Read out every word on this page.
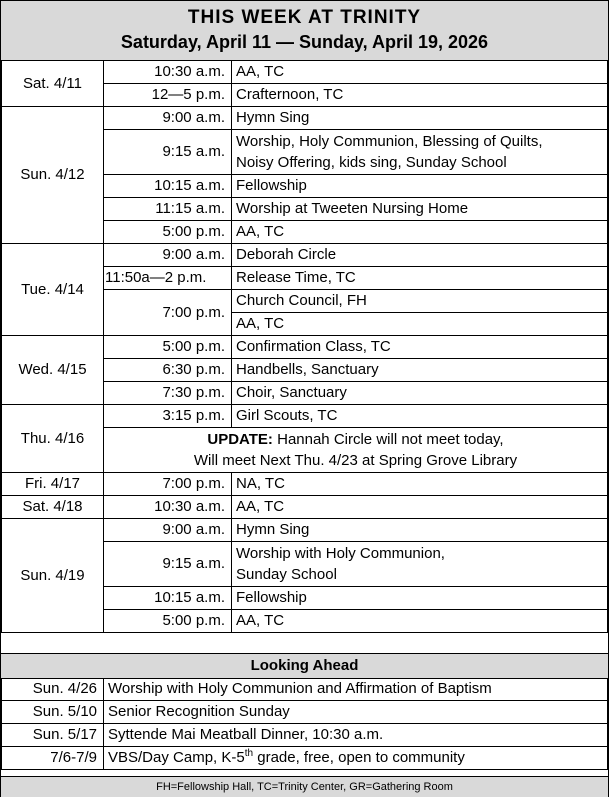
THIS WEEK AT TRINITY
Saturday, April 11 — Sunday, April 19, 2026
Sat. 4/11	10:30 a.m.	AA, TC
	12—5 p.m.	Crafternoon, TC
Sun. 4/12	9:00 a.m.	Hymn Sing
	9:15 a.m.	Worship, Holy Communion, Blessing of Quilts,
Noisy Offering, kids sing, Sunday School
	10:15 a.m.	Fellowship
	11:15 a.m.	Worship at Tweeten Nursing Home
	5:00 p.m.	AA, TC
Tue. 4/14	9:00 a.m.	Deborah Circle
	11:50a—2 p.m.	Release Time, TC
	7:00 p.m.	Church Council, FH
		AA, TC
Wed. 4/15	5:00 p.m.	Confirmation Class, TC
	6:30 p.m.	Handbells, Sanctuary
	7:30 p.m.	Choir, Sanctuary
Thu. 4/16	3:15 p.m.	Girl Scouts, TC
	UPDATE: Hannah Circle will not meet today,
Will meet Next Thu. 4/23 at Spring Grove Library	
Fri. 4/17	7:00 p.m.	NA, TC
Sat. 4/18	10:30 a.m.	AA, TC
Sun. 4/19	9:00 a.m.	Hymn Sing
	9:15 a.m.	Worship with Holy Communion,
Sunday School
	10:15 a.m.	Fellowship
	5:00 p.m.	AA, TC
Looking Ahead
Sun. 4/26	Worship with Holy Communion and Affirmation of Baptism
Sun. 5/10	Senior Recognition Sunday
Sun. 5/17	Syttende Mai Meatball Dinner, 10:30 a.m.
7/6-7/9	VBS/Day Camp, K-5th grade, free, open to community
FH=Fellowship Hall, TC=Trinity Center, GR=Gathering Room
